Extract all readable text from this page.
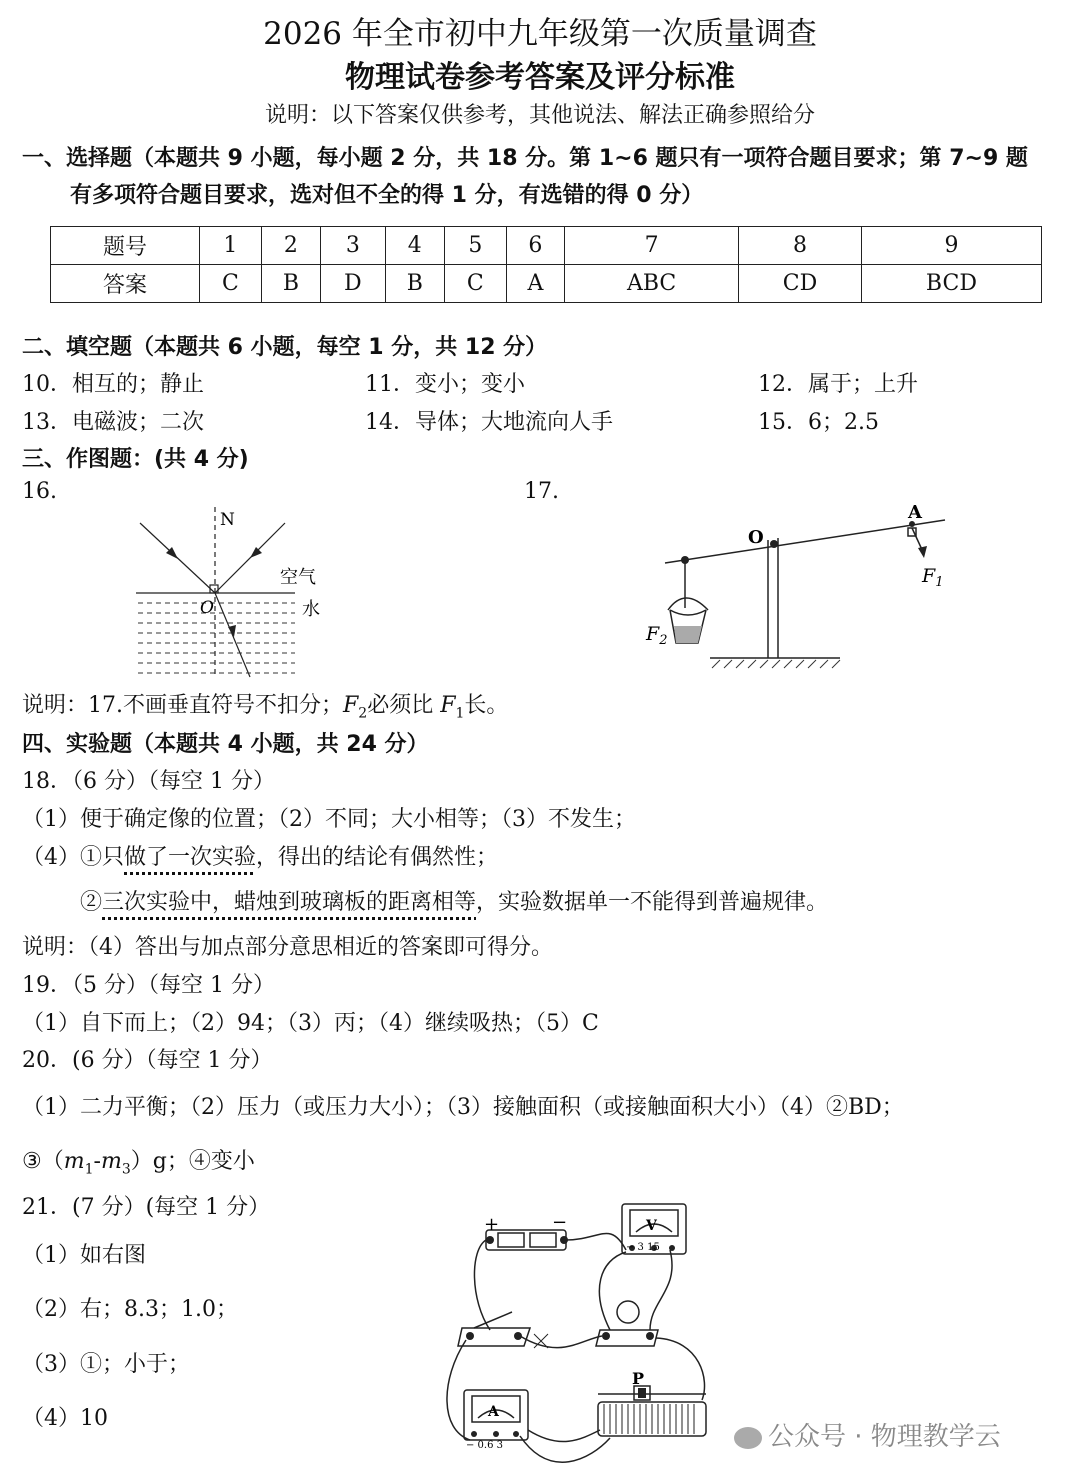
2026 年全市初中九年级第一次质量调查
物理试卷参考答案及评分标准
说明：以下答案仅供参考，其他说法、解法正确参照给分
一、选择题（本题共 9 小题，每小题 2 分，共 18 分。第 1~6 题只有一项符合题目要求；第 7~9 题
有多项符合题目要求，选对但不全的得 1 分，有选错的得 0 分）
题号	1	2	3	4	5	6	7	8	9
答案	C	B	D	B	C	A	ABC	CD	BCD
二、填空题（本题共 6 小题，每空 1 分，共 12 分）
10．相互的；静止	11．变小；变小	12．属于；上升
13．电磁波；二次	14．导体；大地流向人手	15．6；2.5
三、作图题：(共 4 分)
16.	17.
N
O
空气
水
O
A
$F_1$
$F_2$
说明：17.不画垂直符号不扣分；$F_2$必须比 $F_1$长。
四、实验题（本题共 4 小题，共 24 分）
18．（6 分）（每空 1 分）
（1）便于确定像的位置；（2）不同；大小相等；（3）不发生；
（4）①只做了一次实验，得出的结论有偶然性；
②三次实验中，蜡烛到玻璃板的距离相等，实验数据单一不能得到普遍规律。
说明：（4）答出与加点部分意思相近的答案即可得分。
19．（5 分）（每空 1 分）
（1）自下而上；（2）94；（3）丙；（4）继续吸热；（5）C
20．(6 分）（每空 1 分）
（1）二力平衡；（2）压力（或压力大小）；（3）接触面积（或接触面积大小）（4）②BD；
$③(m_1-m_3)g$；④变小
21．(7 分）(每空 1 分）
（1）如右图
（2）右；8.3；1.0；
（3）①；小于；
（4）10
+	−	V
− 3 15
A
− 0.6 3
P
公众号 · 物理教学云
